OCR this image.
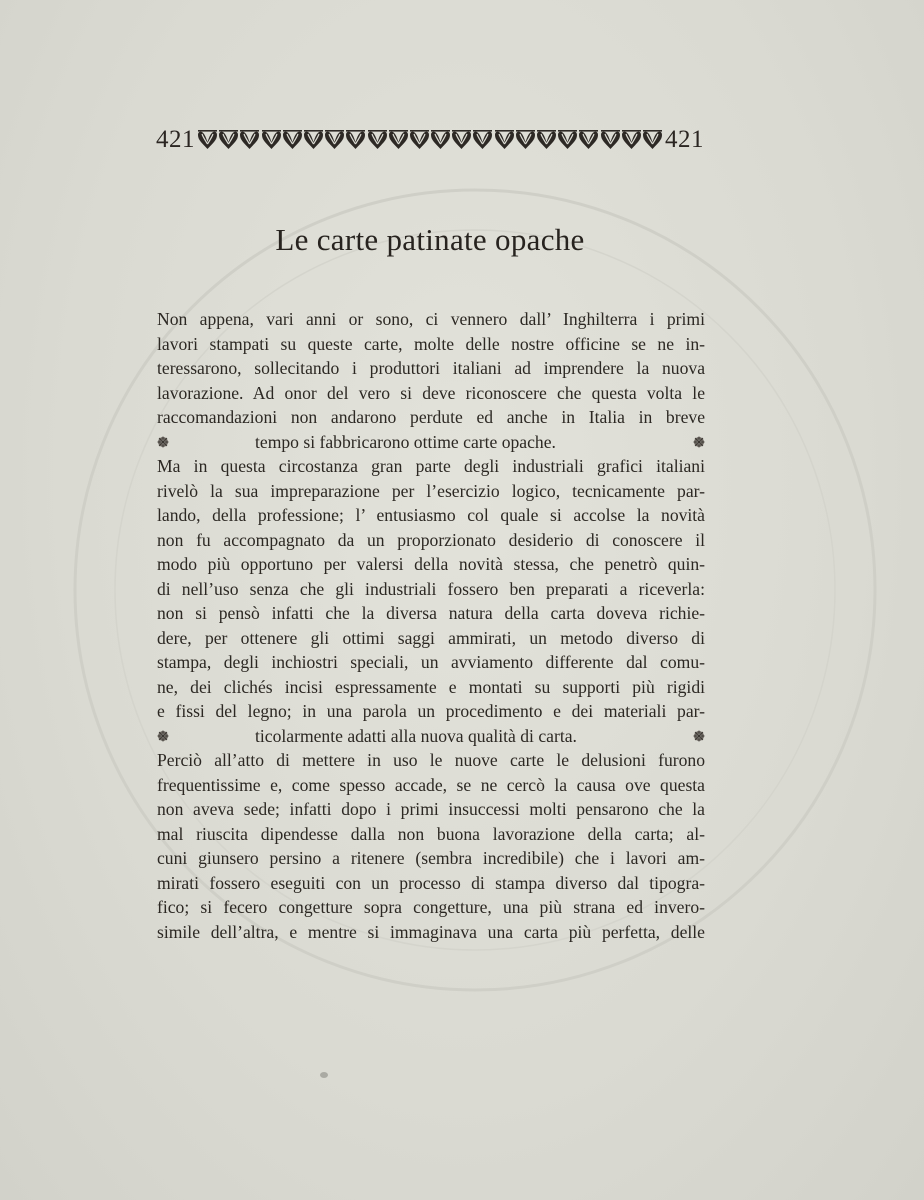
421	421
Le carte patinate opache
Non appena, vari anni or sono, ci vennero dall’ Inghilterra i primi
lavori stampati su queste carte, molte delle nostre officine se ne in-
teressarono, sollecitando i produttori italiani ad imprendere la nuova
lavorazione. Ad onor del vero si deve riconoscere che questa volta le
raccomandazioni non andarono perdute ed anche in Italia in breve
tempo si fabbricarono ottime carte opache.
Ma in questa circostanza gran parte degli industriali grafici italiani
rivelò la sua impreparazione per l’esercizio logico, tecnicamente par-
lando, della professione; l’ entusiasmo col quale si accolse la novità
non fu accompagnato da un proporzionato desiderio di conoscere il
modo più opportuno per valersi della novità stessa, che penetrò quin-
di nell’uso senza che gli industriali fossero ben preparati a riceverla:
non si pensò infatti che la diversa natura della carta doveva richie-
dere, per ottenere gli ottimi saggi ammirati, un metodo diverso di
stampa, degli inchiostri speciali, un avviamento differente dal comu-
ne, dei clichés incisi espressamente e montati su supporti più rigidi
e fissi del legno; in una parola un procedimento e dei materiali par-
ticolarmente adatti alla nuova qualità di carta.
Perciò all’atto di mettere in uso le nuove carte le delusioni furono
frequentissime e, come spesso accade, se ne cercò la causa ove questa
non aveva sede; infatti dopo i primi insuccessi molti pensarono che la
mal riuscita dipendesse dalla non buona lavorazione della carta; al-
cuni giunsero persino a ritenere (sembra incredibile) che i lavori am-
mirati fossero eseguiti con un processo di stampa diverso dal tipogra-
fico; si fecero congetture sopra congetture, una più strana ed invero-
simile dell’altra, e mentre si immaginava una carta più perfetta, delle
